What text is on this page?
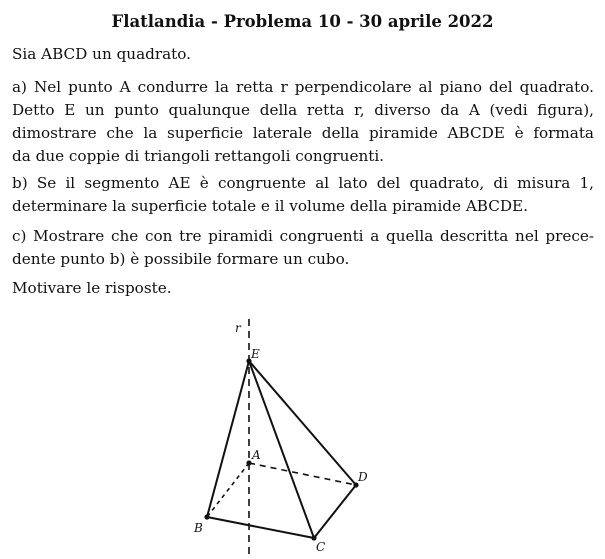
Flatlandia - Problema 10 - 30 aprile 2022
Sia ABCD un quadrato.
a) Nel punto A condurre la retta r perpendicolare al piano del quadrato.
Detto E un punto qualunque della retta r, diverso da A (vedi figura),
dimostrare che la superficie laterale della piramide ABCDE è formata
da due coppie di triangoli rettangoli congruenti.
b) Se il segmento AE è congruente al lato del quadrato, di misura 1,
determinare la superficie totale e il volume della piramide ABCDE.
c) Mostrare che con tre piramidi congruenti a quella descritta nel prece-
dente punto b) è possibile formare un cubo.
Motivare le risposte.
r
E
A
B
C
D
